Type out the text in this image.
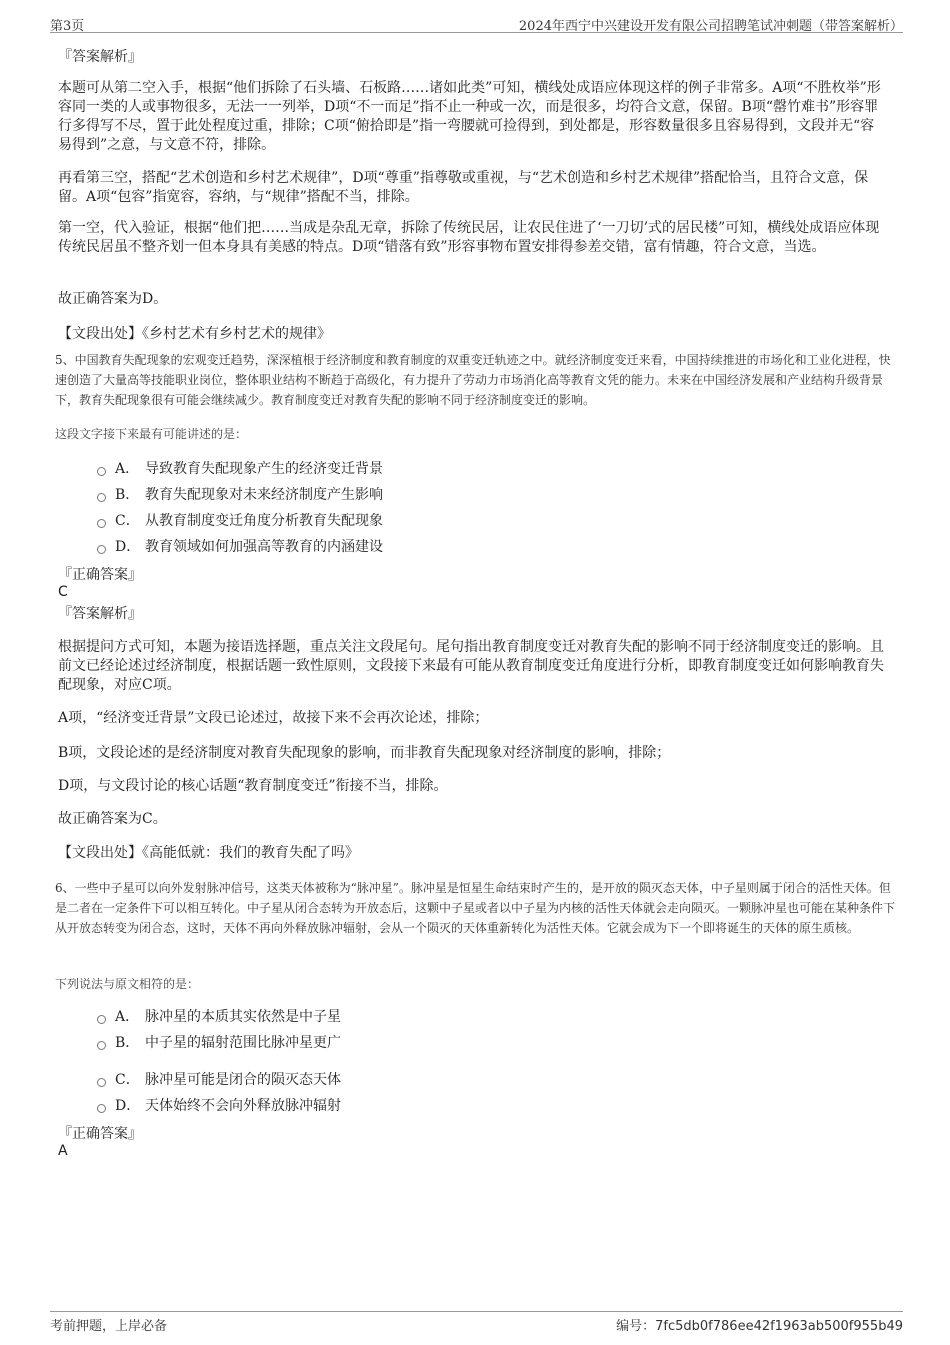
第3页	2024年西宁中兴建设开发有限公司招聘笔试冲刺题（带答案解析）
『答案解析』
本题可从第二空入手，根据“他们拆除了石头墙、石板路……诸如此类”可知，横线处成语应体现这样的例子非常多。A项“不胜枚举”形容同一类的人或事物很多，无法一一列举，D项“不一而足”指不止一种或一次，而是很多，均符合文意，保留。B项“罄竹难书”形容罪行多得写不尽，置于此处程度过重，排除；C项“俯拾即是”指一弯腰就可捡得到，到处都是，形容数量很多且容易得到，文段并无“容易得到”之意，与文意不符，排除。
再看第三空，搭配“艺术创造和乡村艺术规律”，D项“尊重”指尊敬或重视，与“艺术创造和乡村艺术规律”搭配恰当，且符合文意，保留。A项“包容”指宽容，容纳，与“规律”搭配不当，排除。
第一空，代入验证，根据“他们把……当成是杂乱无章，拆除了传统民居，让农民住进了‘一刀切’式的居民楼”可知，横线处成语应体现传统民居虽不整齐划一但本身具有美感的特点。D项“错落有致”形容事物布置安排得参差交错，富有情趣，符合文意，当选。
故正确答案为D。
【文段出处】《乡村艺术有乡村艺术的规律》
5、中国教育失配现象的宏观变迁趋势，深深植根于经济制度和教育制度的双重变迁轨迹之中。就经济制度变迁来看，中国持续推进的市场化和工业化进程，快速创造了大量高等技能职业岗位，整体职业结构不断趋于高级化，有力提升了劳动力市场消化高等教育文凭的能力。未来在中国经济发展和产业结构升级背景下，教育失配现象很有可能会继续减少。教育制度变迁对教育失配的影响不同于经济制度变迁的影响。
这段文字接下来最有可能讲述的是：
A． 导致教育失配现象产生的经济变迁背景
B． 教育失配现象对未来经济制度产生影响
C． 从教育制度变迁角度分析教育失配现象
D． 教育领域如何加强高等教育的内涵建设
『正确答案』
C
『答案解析』
根据提问方式可知，本题为接语选择题，重点关注文段尾句。尾句指出教育制度变迁对教育失配的影响不同于经济制度变迁的影响。且前文已经论述过经济制度，根据话题一致性原则，文段接下来最有可能从教育制度变迁角度进行分析，即教育制度变迁如何影响教育失配现象，对应C项。
A项，“经济变迁背景”文段已论述过，故接下来不会再次论述，排除；
B项，文段论述的是经济制度对教育失配现象的影响，而非教育失配现象对经济制度的影响，排除；
D项，与文段讨论的核心话题“教育制度变迁”衔接不当，排除。
故正确答案为C。
【文段出处】《高能低就：我们的教育失配了吗》
6、一些中子星可以向外发射脉冲信号，这类天体被称为“脉冲星”。脉冲星是恒星生命结束时产生的，是开放的陨灭态天体，中子星则属于闭合的活性天体。但是二者在一定条件下可以相互转化。中子星从闭合态转为开放态后，这颗中子星或者以中子星为内核的活性天体就会走向陨灭。一颗脉冲星也可能在某种条件下从开放态转变为闭合态，这时，天体不再向外释放脉冲辐射，会从一个陨灭的天体重新转化为活性天体。它就会成为下一个即将诞生的天体的原生质核。
下列说法与原文相符的是：
A． 脉冲星的本质其实依然是中子星
B． 中子星的辐射范围比脉冲星更广
C． 脉冲星可能是闭合的陨灭态天体
D． 天体始终不会向外释放脉冲辐射
『正确答案』
A
考前押题，上岸必备	编号：7fc5db0f786ee42f1963ab500f955b49
